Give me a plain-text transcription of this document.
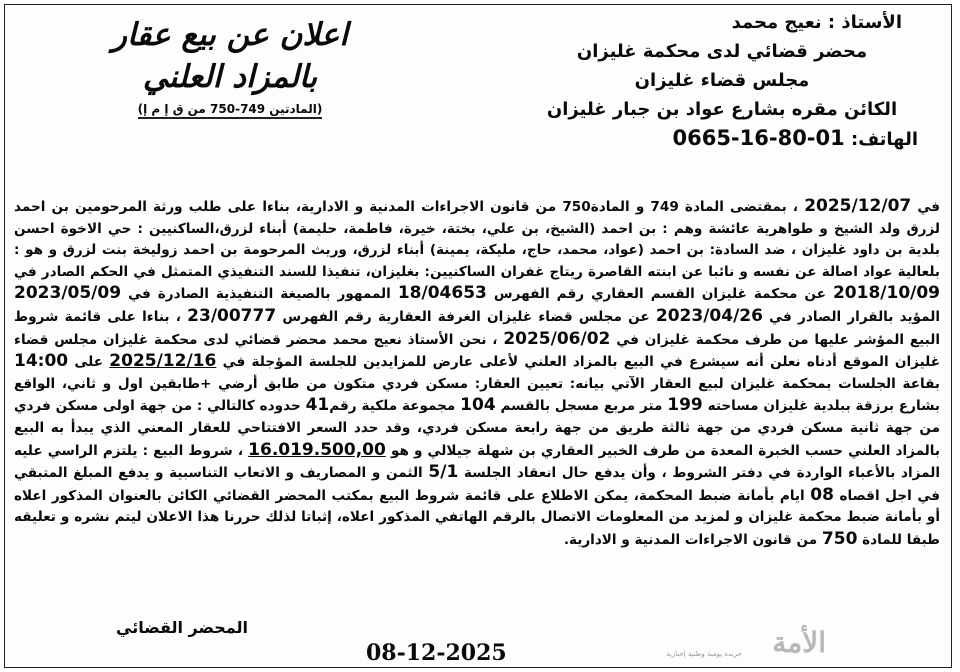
الأستاذ : نعيج محمد
محضر قضائي لدى محكمة غليزان
مجلس قضاء غليزان
الكائن مقره بشارع عواد بن جبار غليزان
الهاتف: 0665-16-80-01
اعلان عن بيع عقار
بالمزاد العلني
(المادتين 749-750 من ق إ م إ)
في 2025/12/07 ، بمقتضى المادة 749 و المادة750 من قانون الاجراءات المدنية و الادارية، بناءا على طلب ورثة المرحومين بن احمد لزرق ولد الشيخ و طواهرية عائشة وهم : بن احمد (الشيخ، بن علي، بختة، خيرة، فاطمة، حليمة) أبناء لزرق،الساكنيين : حي الاخوة احسن بلدية بن داود غليزان ، ضد السادة: بن احمد (عواد، محمد، حاج، مليكة، يمينة) أبناء لزرق، وريث المرحومة بن احمد زوليخة بنت لزرق و هو : بلعالية عواد اصالة عن نفسه و نائبا عن ابنته القاصرة ريتاج غفران الساكنيين: بغليزان، تنفيذا للسند التنفيذي المتمثل في الحكم الصادر في 2018/10/09 عن محكمة غليزان القسم العقاري رقم الفهرس 18/04653 الممهور بالصيغة التنفيذية الصادرة في 2023/05/09 المؤيد بالقرار الصادر في 2023/04/26 عن مجلس قضاء غليزان الغرفة العقارية رقم الفهرس 23/00777 ، بناءا على قائمة شروط البيع المؤشر عليها من طرف محكمة غليزان في 2025/06/02 ، نحن الأستاذ نعيج محمد محضر قضائي لدى محكمة غليزان مجلس قضاء غليزان الموقع أدناه نعلن أنه سيشرع في البيع بالمزاد العلني لأعلى عارض للمزايدين للجلسة المؤجلة في 2025/12/16 على 14:00 بقاعة الجلسات بمحكمة غليزان لبيع العقار الآتي بيانه: تعيين العقار: مسكن فردي متكون من طابق أرضي +طابقين اول و ثاني، الواقع بشارع برزقة ببلدية غليزان مساحته 199 متر مربع مسجل بالقسم 104 مجموعة ملكية رقم41 حدوده كالتالي : من جهة اولى مسكن فردي من جهة ثانية مسكن فردي من جهة ثالثة طريق من جهة رابعة مسكن فردي، وقد حدد السعر الافتتاحي للعقار المعني الذي يبدأ به البيع بالمزاد العلني حسب الخبرة المعدة من طرف الخبير العقاري بن شهلة جيلالي و هو 16.019.500,00 ، شروط البيع : يلتزم الراسي عليه المزاد بالأعباء الواردة في دفتر الشروط ، وأن يدفع حال انعقاد الجلسة 5/1 الثمن و المصاريف و الاتعاب التناسبية و يدفع المبلغ المتبقي في اجل اقصاه 08 ايام بأمانة ضبط المحكمة، يمكن الاطلاع على قائمة شروط البيع بمكتب المحضر القضائي الكائن بالعنوان المذكور اعلاه أو بأمانة ضبط محكمة غليزان و لمزيد من المعلومات الاتصال بالرقم الهاتفي المذكور اعلاه، إثباتا لذلك حررنا هذا الاعلان ليتم نشره و تعليقه طبقا للمادة 750 من قانون الاجراءات المدنية و الادارية.
المحضر القضائي
08-12-2025	الأمة
جريدة يومية وطنية إخبارية
